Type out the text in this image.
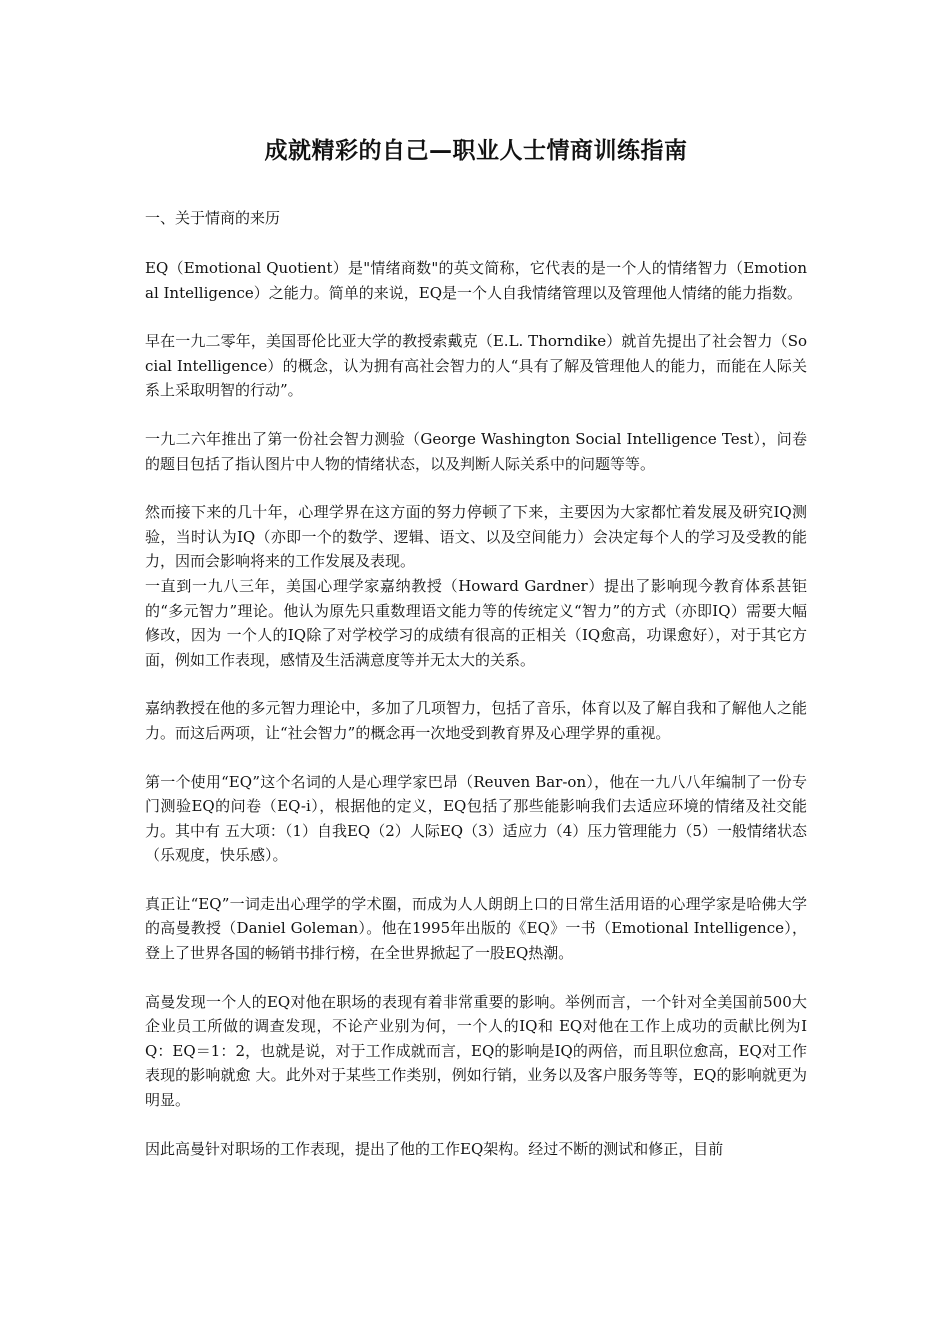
成就精彩的自己—职业人士情商训练指南
一、关于情商的来历

EQ（Emotional Quotient）是"情绪商数"的英文简称，它代表的是一个人的情绪智力（Emotional Intelligence）之能力。简单的来说，EQ是一个人自我情绪管理以及管理他人情绪的能力指数。

早在一九二零年，美国哥伦比亚大学的教授索戴克（E.L. Thorndike）就首先提出了社会智力（Social Intelligence）的概念，认为拥有高社会智力的人“具有了解及管理他人的能力，而能在人际关系上采取明智的行动”。

一九二六年推出了第一份社会智力测验（George Washington Social Intelligence Test），问卷的题目包括了指认图片中人物的情绪状态，以及判断人际关系中的问题等等。

然而接下来的几十年，心理学界在这方面的努力停顿了下来，主要因为大家都忙着发展及研究IQ测验，当时认为IQ（亦即一个的数学、逻辑、语文、以及空间能力）会决定每个人的学习及受教的能力，因而会影响将来的工作发展及表现。

一直到一九八三年，美国心理学家嘉纳教授（Howard Gardner）提出了影响现今教育体系甚钜的“多元智力”理论。他认为原先只重数理语文能力等的传统定义“智力”的方式（亦即IQ）需要大幅修改，因为 一个人的IQ除了对学校学习的成绩有很高的正相关（IQ愈高，功课愈好），对于其它方面，例如工作表现，感情及生活满意度等并无太大的关系。

嘉纳教授在他的多元智力理论中，多加了几项智力，包括了音乐，体育以及了解自我和了解他人之能力。而这后两项，让“社会智力”的概念再一次地受到教育界及心理学界的重视。

第一个使用“EQ”这个名词的人是心理学家巴昂（Reuven Bar-on），他在一九八八年编制了一份专门测验EQ的问卷（EQ-i），根据他的定义，EQ包括了那些能影响我们去适应环境的情绪及社交能力。其中有 五大项：（1）自我EQ（2）人际EQ（3）适应力（4）压力管理能力（5）一般情绪状态（乐观度，快乐感）。

真正让“EQ”一词走出心理学的学术圈，而成为人人朗朗上口的日常生活用语的心理学家是哈佛大学的高曼教授（Daniel Goleman）。他在1995年出版的《EQ》一书（Emotional Intelligence），登上了世界各国的畅销书排行榜，在全世界掀起了一股EQ热潮。

高曼发现一个人的EQ对他在职场的表现有着非常重要的影响。举例而言，一个针对全美国前500大企业员工所做的调查发现，不论产业别为何，一个人的IQ和 EQ对他在工作上成功的贡献比例为IQ：EQ＝1：2，也就是说，对于工作成就而言，EQ的影响是IQ的两倍，而且职位愈高，EQ对工作表现的影响就愈 大。此外对于某些工作类别，例如行销，业务以及客户服务等等，EQ的影响就更为明显。

因此高曼针对职场的工作表现，提出了他的工作EQ架构。经过不断的测试和修正，目前
